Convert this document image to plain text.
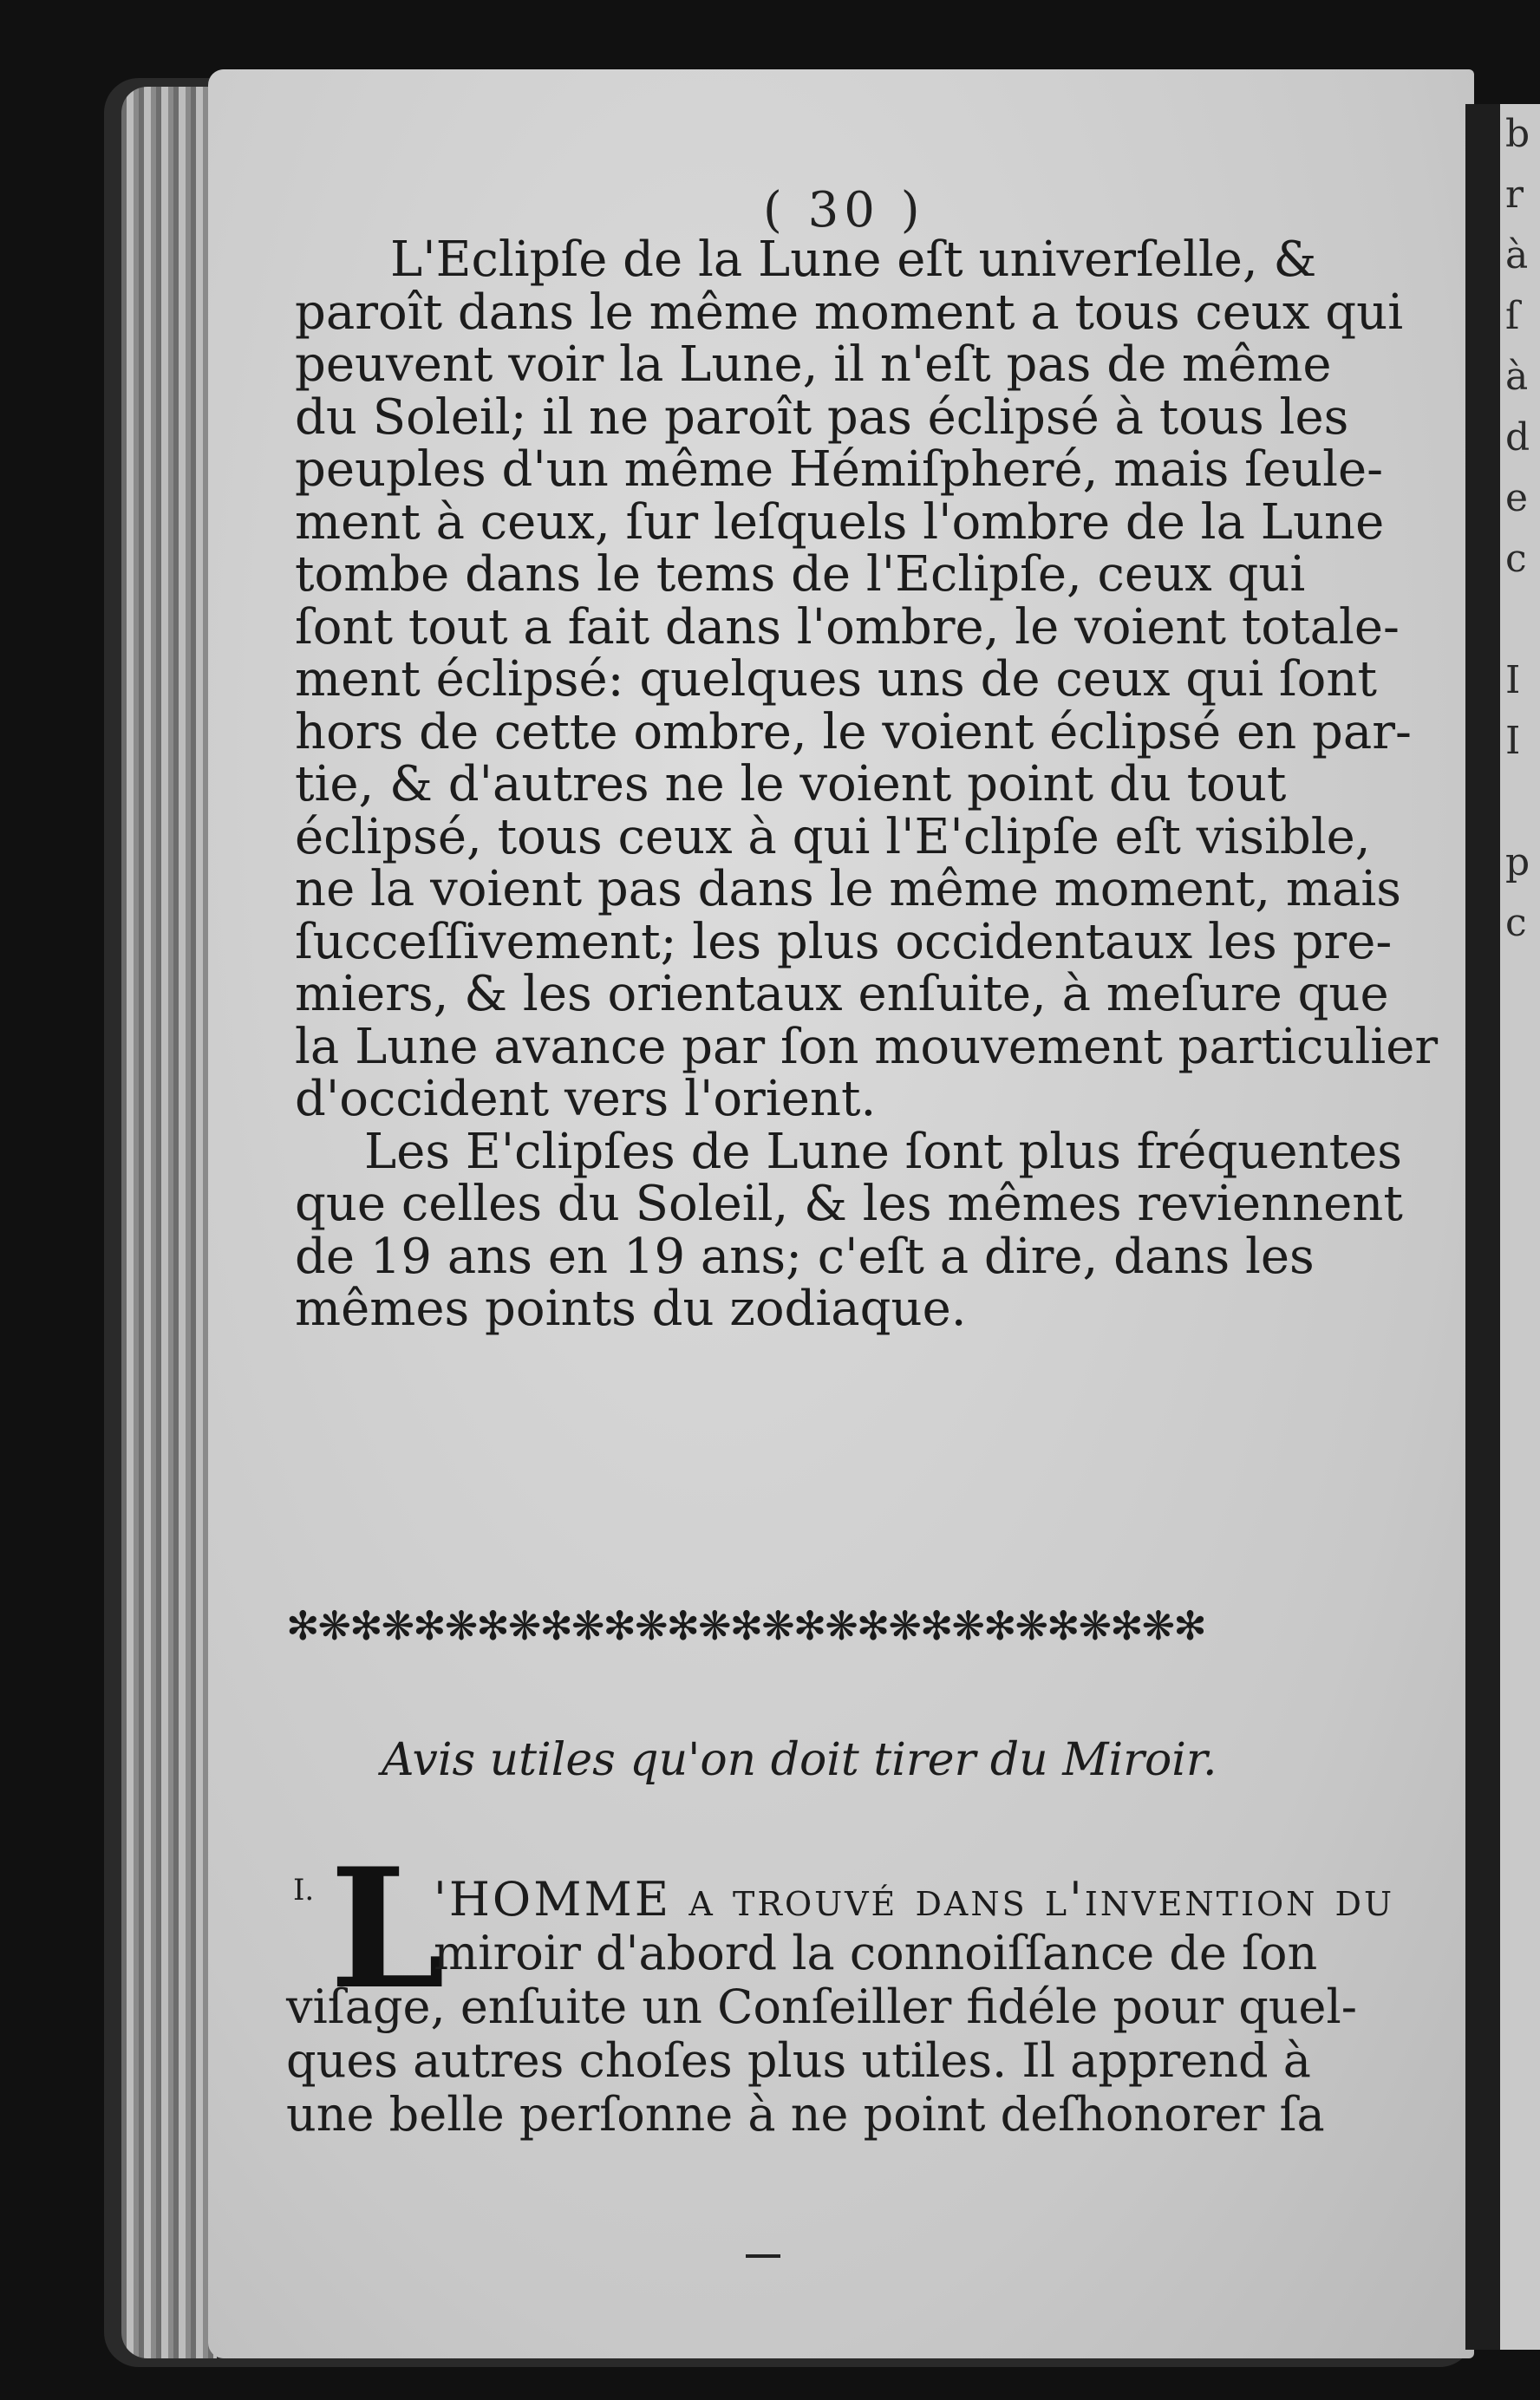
b
r
à
ſ
à
d
e
c

I
I

p
c
( 30 )
L'Eclipſe de la Lune eſt univerſelle, &
paroît dans le même moment a tous ceux qui
peuvent voir la Lune, il n'eſt pas de même
du Soleil; il ne paroît pas éclipsé à tous les
peuples d'un même Hémiſpheré, mais ſeule-
ment à ceux, ſur leſquels l'ombre de la Lune
tombe dans le tems de l'Eclipſe, ceux qui
ſont tout a fait dans l'ombre, le voient totale-
ment éclipsé: quelques uns de ceux qui ſont
hors de cette ombre, le voient éclipsé en par-
tie, & d'autres ne le voient point du tout
éclipsé, tous ceux à qui l'E'clipſe eſt visible,
ne la voient pas dans le même moment, mais
ſucceſſivement; les plus occidentaux les pre-
miers, & les orientaux enſuite, à meſure que
la Lune avance par ſon mouvement particulier
d'occident vers l'orient.
Les E'clipſes de Lune ſont plus fréquentes
que celles du Soleil, & les mêmes reviennent
de 19 ans en 19 ans; c'eſt a dire, dans les
mêmes points du zodiaque.
✻❋✻❋✻❋✻❋✻❋✻❋✻❋✻❋✻❋✻❋✻❋✻❋✻❋✻❋✻
Avis utiles qu'on doit tirer du Miroir.
I. L
'HOMME a trouvé dans l'invention du
miroir d'abord la connoiſſance de ſon
viſage, enſuite un Conſeiller fidéle pour quel-
ques autres choſes plus utiles. Il apprend à
une belle perſonne à ne point deſhonorer ſa
